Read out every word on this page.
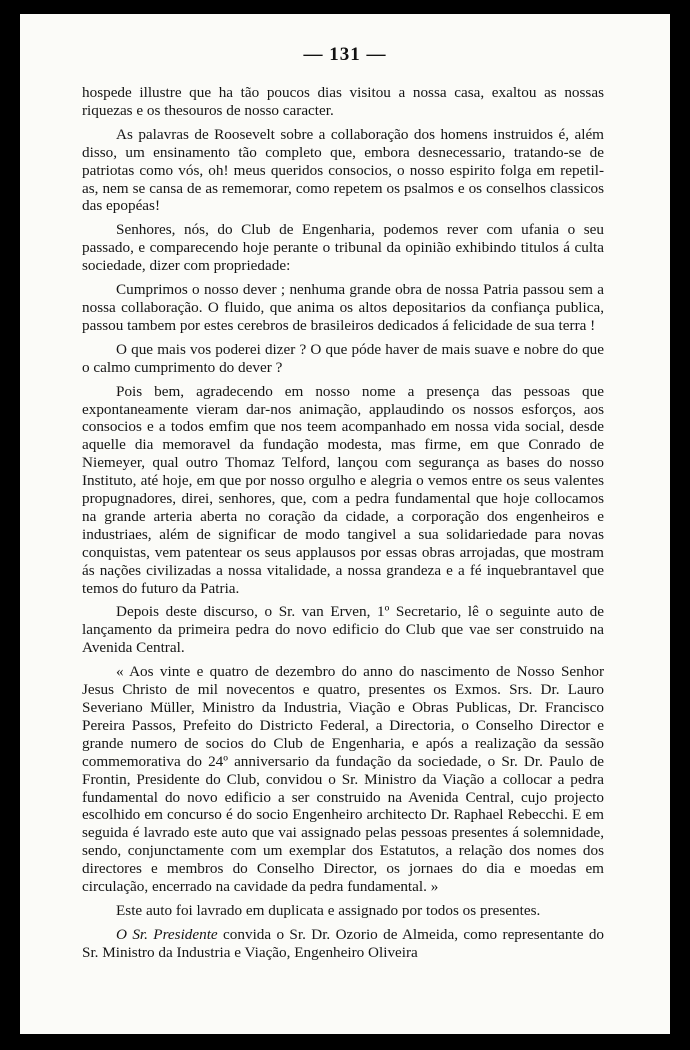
— 131 —

hospede illustre que ha tão poucos dias visitou a nossa casa, exaltou as nossas riquezas e os thesouros de nosso caracter.

As palavras de Roosevelt sobre a collaboração dos homens instruidos é, além disso, um ensinamento tão completo que, embora desnecessario, tratando-se de patriotas como vós, oh! meus queridos consocios, o nosso espirito folga em repetil-as, nem se cansa de as rememorar, como repetem os psalmos e os conselhos classicos das epopéas!

Senhores, nós, do Club de Engenharia, podemos rever com ufania o seu passado, e comparecendo hoje perante o tribunal da opinião exhibindo titulos á culta sociedade, dizer com propriedade:

Cumprimos o nosso dever ; nenhuma grande obra de nossa Patria passou sem a nossa collaboração. O fluido, que anima os altos depositarios da confiança publica, passou tambem por estes cerebros de brasileiros dedicados á felicidade de sua terra !

O que mais vos poderei dizer ? O que póde haver de mais suave e nobre do que o calmo cumprimento do dever ?

Pois bem, agradecendo em nosso nome a presença das pessoas que expontaneamente vieram dar-nos animação, applaudindo os nossos esforços, aos consocios e a todos emfim que nos teem acompanhado em nossa vida social, desde aquelle dia memoravel da fundação modesta, mas firme, em que Conrado de Niemeyer, qual outro Thomaz Telford, lançou com segurança as bases do nosso Instituto, até hoje, em que por nosso orgulho e alegria o vemos entre os seus valentes propugnadores, direi, senhores, que, com a pedra fundamental que hoje collocamos na grande arteria aberta no coração da cidade, a corporação dos engenheiros e industriaes, além de significar de modo tangivel a sua solidariedade para novas conquistas, vem patentear os seus applausos por essas obras arrojadas, que mostram ás nações civilizadas a nossa vitalidade, a nossa grandeza e a fé inquebrantavel que temos do futuro da Patria.

Depois deste discurso, o Sr. van Erven, 1º Secretario, lê o seguinte auto de lançamento da primeira pedra do novo edificio do Club que vae ser construido na Avenida Central.

« Aos vinte e quatro de dezembro do anno do nascimento de Nosso Senhor Jesus Christo de mil novecentos e quatro, presentes os Exmos. Srs. Dr. Lauro Severiano Müller, Ministro da Industria, Viação e Obras Publicas, Dr. Francisco Pereira Passos, Prefeito do Districto Federal, a Directoria, o Conselho Director e grande numero de socios do Club de Engenharia, e após a realização da sessão commemorativa do 24º anniversario da fundação da sociedade, o Sr. Dr. Paulo de Frontin, Presidente do Club, convidou o Sr. Ministro da Viação a collocar a pedra fundamental do novo edificio a ser construido na Avenida Central, cujo projecto escolhido em concurso é do socio Engenheiro architecto Dr. Raphael Rebecchi. E em seguida é lavrado este auto que vai assignado pelas pessoas presentes á solemnidade, sendo, conjunctamente com um exemplar dos Estatutos, a relação dos nomes dos directores e membros do Conselho Director, os jornaes do dia e moedas em circulação, encerrado na cavidade da pedra fundamental. »

Este auto foi lavrado em duplicata e assignado por todos os presentes.

O Sr. Presidente convida o Sr. Dr. Ozorio de Almeida, como representante do Sr. Ministro da Industria e Viação, Engenheiro Oliveira
